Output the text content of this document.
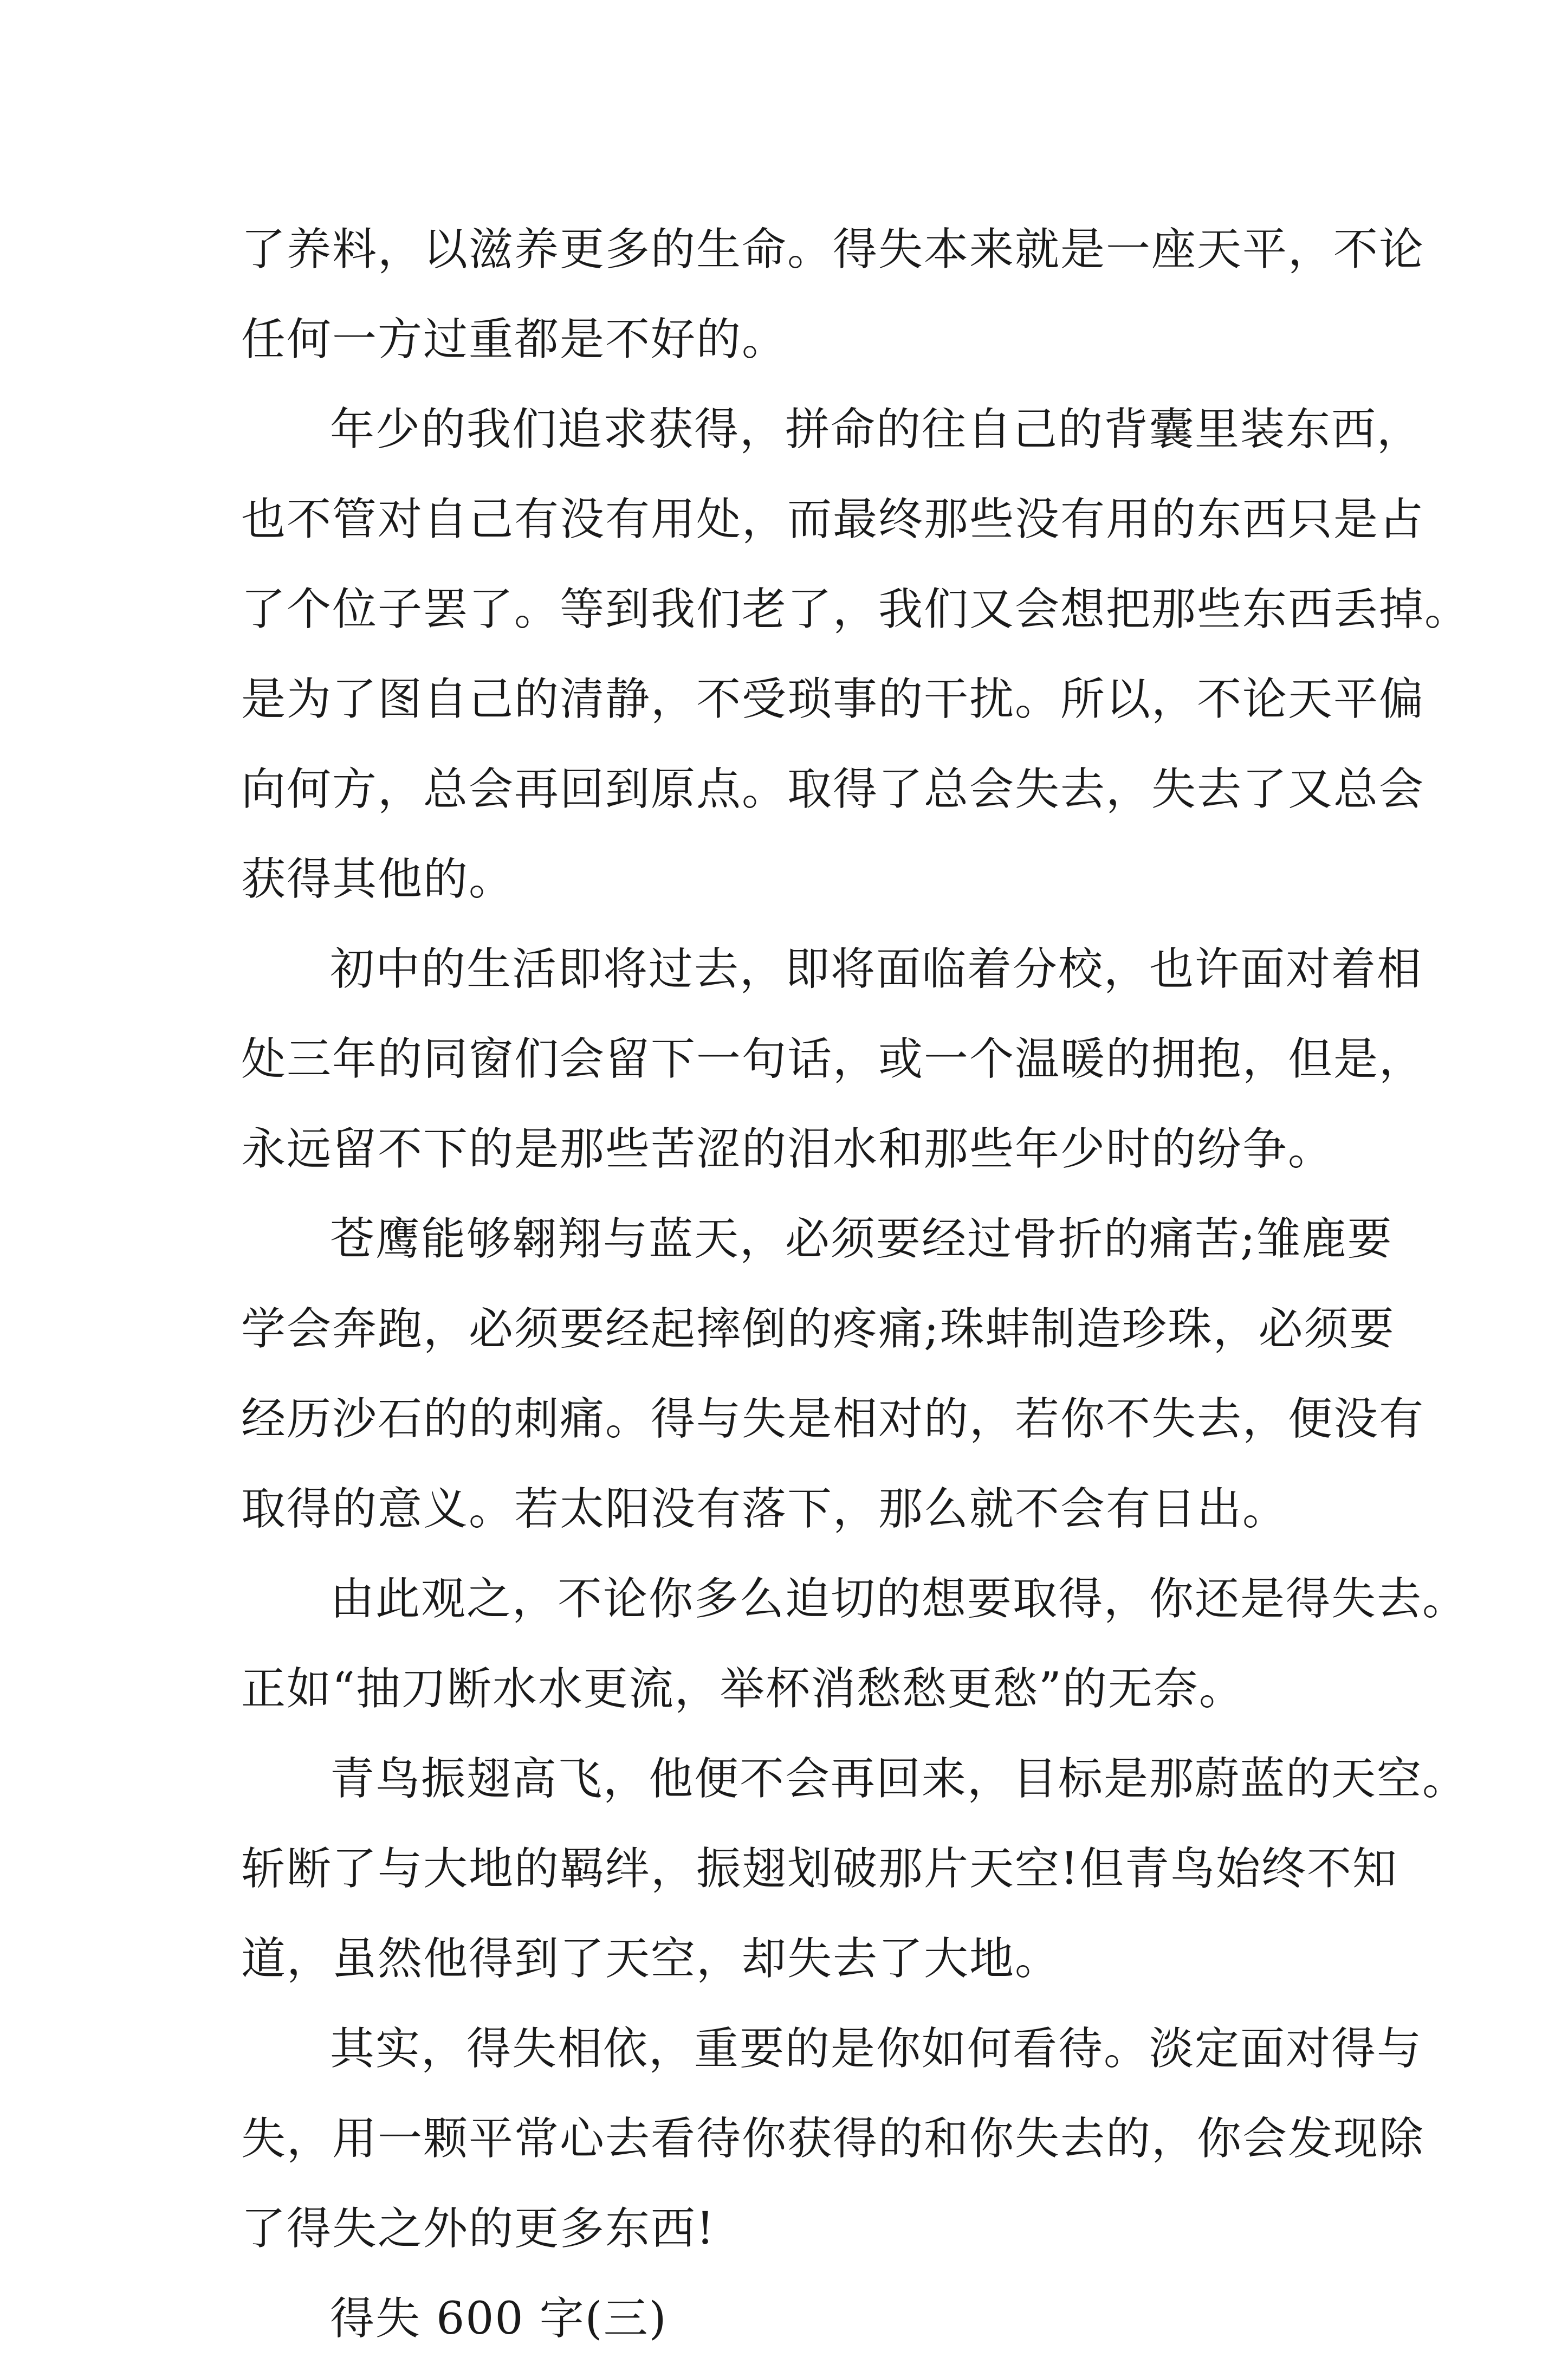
了养料，以滋养更多的生命。得失本来就是一座天平，不论

任何一方过重都是不好的。

年少的我们追求获得，拼命的往自己的背囊里装东西，

也不管对自己有没有用处，而最终那些没有用的东西只是占

了个位子罢了。等到我们老了，我们又会想把那些东西丢掉。

是为了图自己的清静，不受琐事的干扰。所以，不论天平偏

向何方，总会再回到原点。取得了总会失去，失去了又总会

获得其他的。

初中的生活即将过去，即将面临着分校，也许面对着相

处三年的同窗们会留下一句话，或一个温暖的拥抱，但是，

永远留不下的是那些苦涩的泪水和那些年少时的纷争。

苍鹰能够翱翔与蓝天，必须要经过骨折的痛苦;雏鹿要

学会奔跑，必须要经起摔倒的疼痛;珠蚌制造珍珠，必须要

经历沙石的的刺痛。得与失是相对的，若你不失去，便没有

取得的意义。若太阳没有落下，那么就不会有日出。

由此观之，不论你多么迫切的想要取得，你还是得失去。

正如“抽刀断水水更流，举杯消愁愁更愁”的无奈。

青鸟振翅高飞，他便不会再回来，目标是那蔚蓝的天空。

斩断了与大地的羁绊，振翅划破那片天空!但青鸟始终不知

道，虽然他得到了天空，却失去了大地。

其实，得失相依，重要的是你如何看待。淡定面对得与

失，用一颗平常心去看待你获得的和你失去的，你会发现除

了得失之外的更多东西!

得失 600 字(三)
